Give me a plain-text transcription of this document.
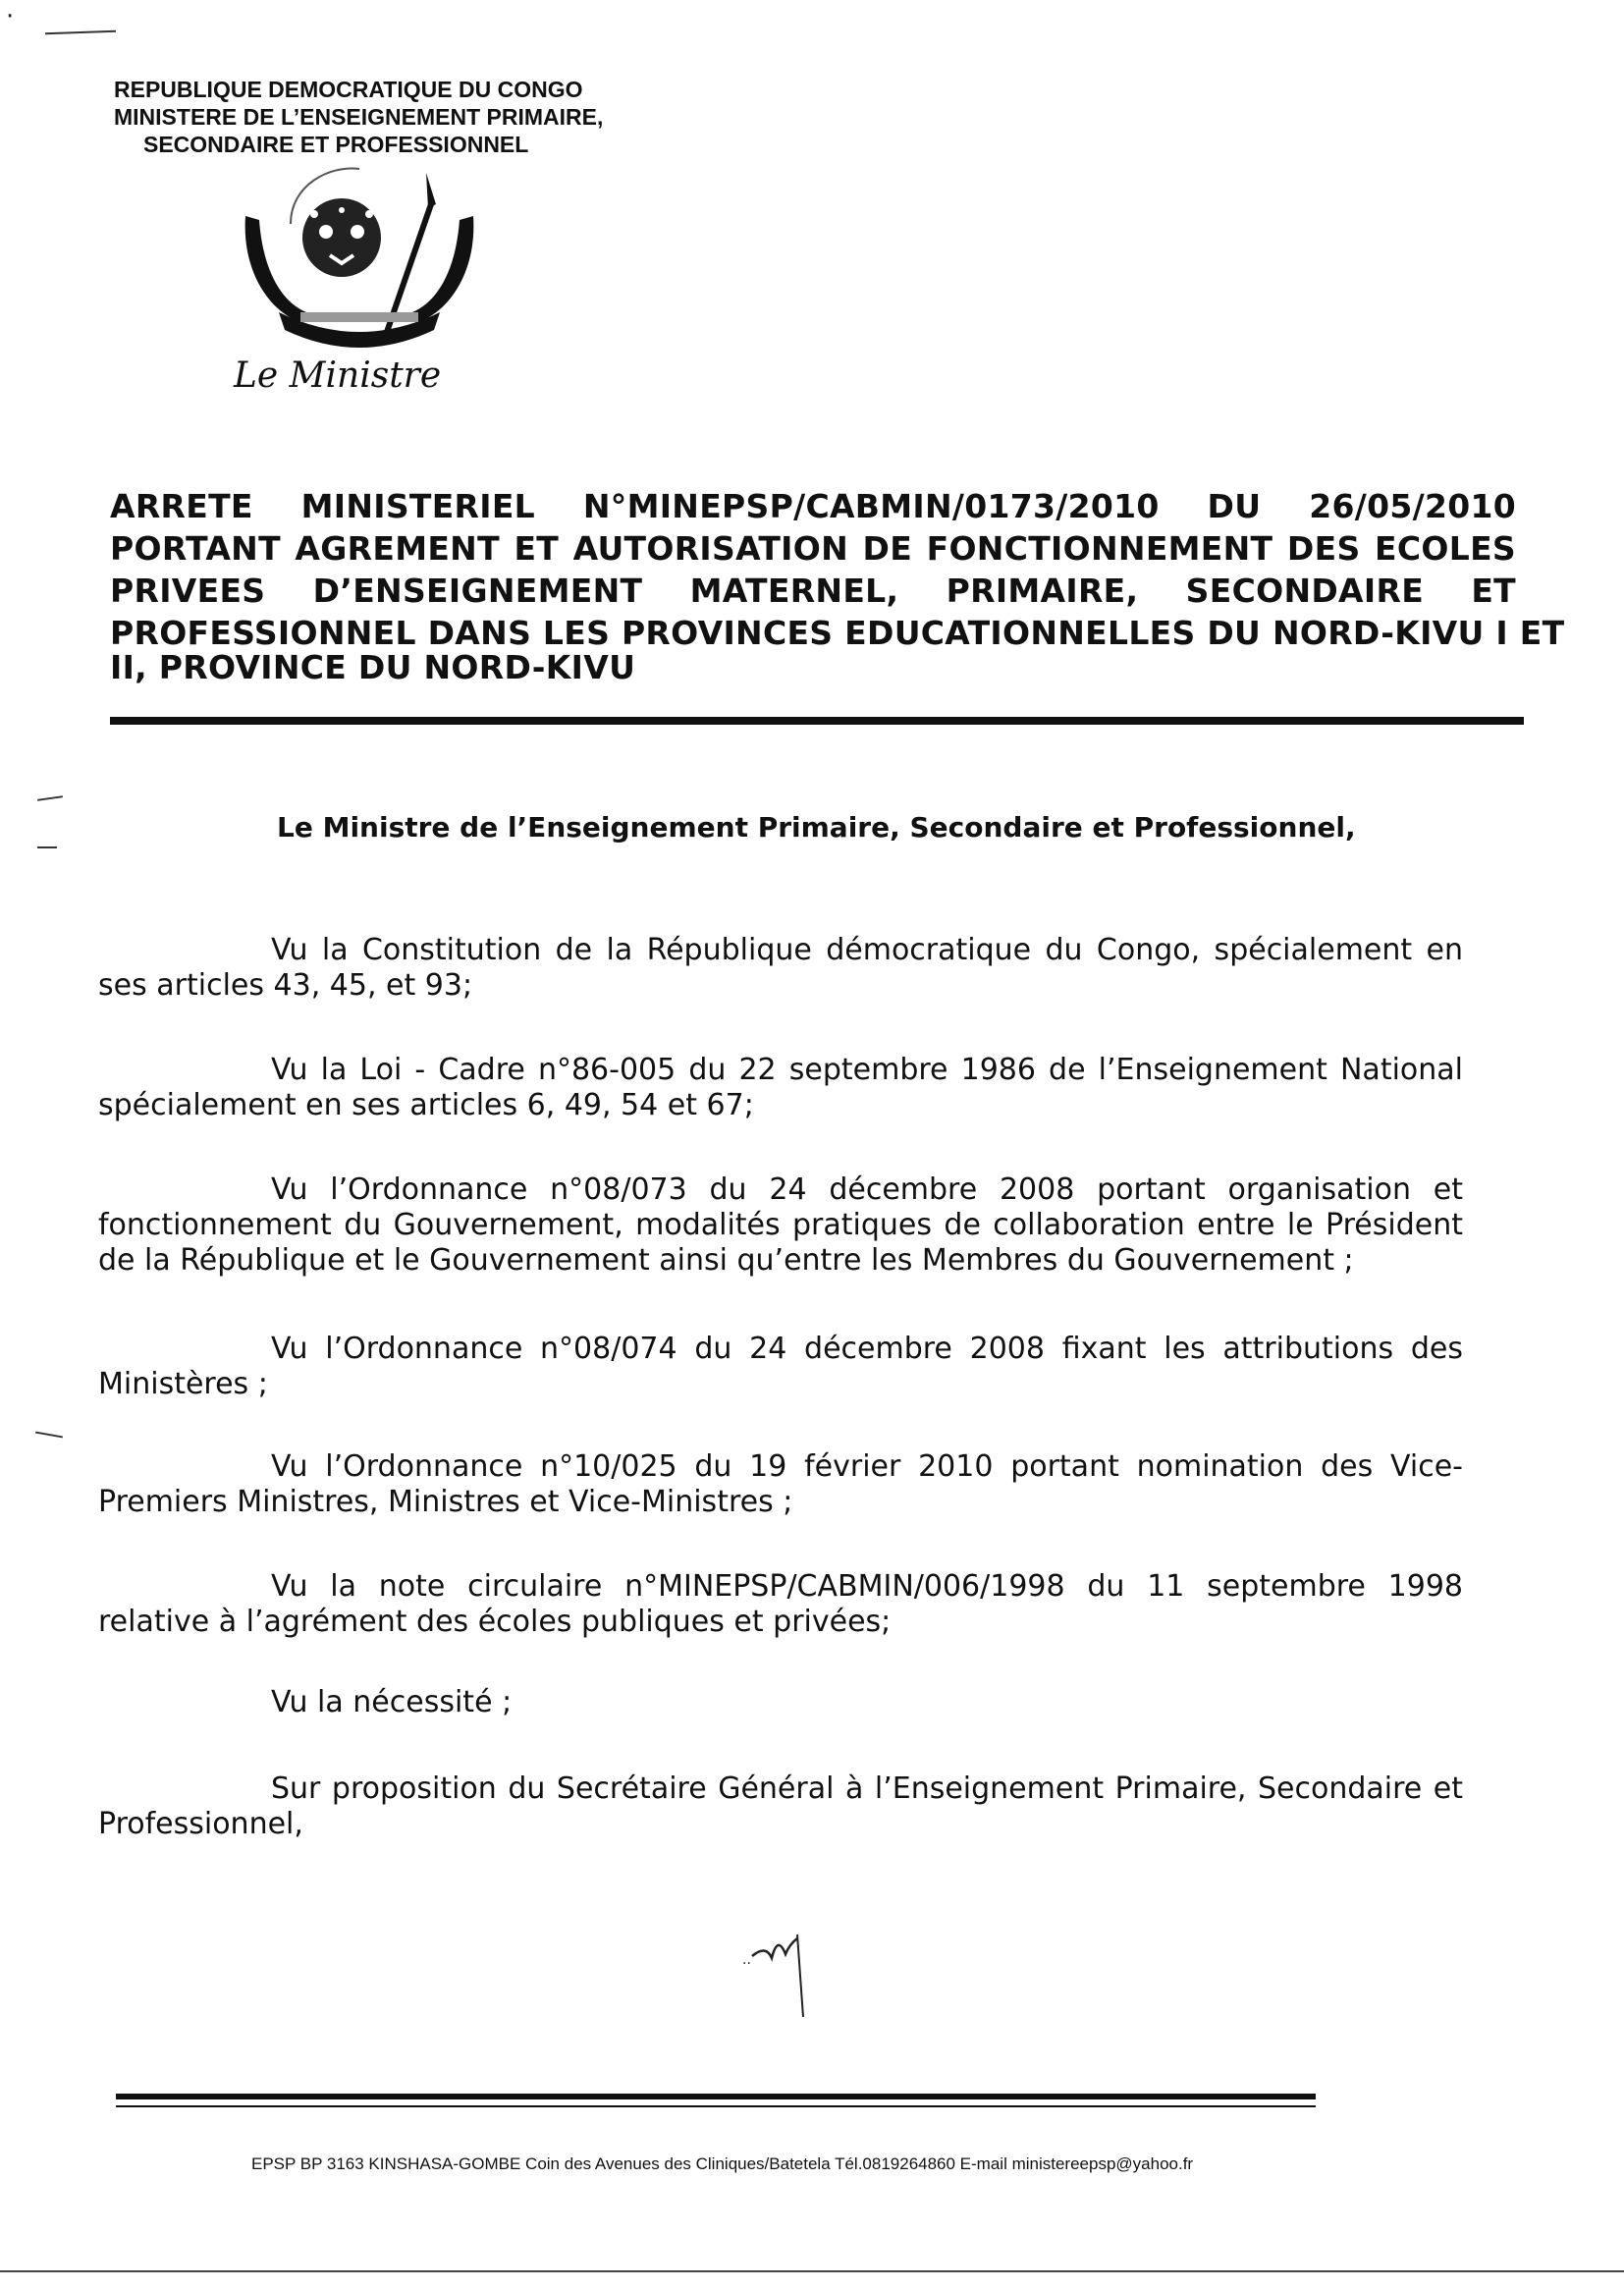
·
REPUBLIQUE DEMOCRATIQUE DU CONGO
MINISTERE DE L’ENSEIGNEMENT PRIMAIRE,
SECONDAIRE ET PROFESSIONNEL
Le Ministre
ARRETE MINISTERIEL N°MINEPSP/CABMIN/0173/2010 DU 26/05/2010
PORTANT AGREMENT ET AUTORISATION DE FONCTIONNEMENT DES ECOLES
PRIVEES D’ENSEIGNEMENT MATERNEL, PRIMAIRE, SECONDAIRE ET
PROFESSIONNEL DANS LES PROVINCES EDUCATIONNELLES DU NORD-KIVU I ET
II, PROVINCE DU NORD-KIVU
Le Ministre de l’Enseignement Primaire, Secondaire et Professionnel,
Vu la Constitution de la République démocratique du Congo, spécialement en ses articles 43, 45, et 93;
Vu la Loi - Cadre n°86-005 du 22 septembre 1986 de l’Enseignement National spécialement en ses articles 6, 49, 54 et 67;
Vu l’Ordonnance n°08/073 du 24 décembre 2008 portant organisation et fonctionnement du Gouvernement, modalités pratiques de collaboration entre le Président de la République et le Gouvernement ainsi qu’entre les Membres du Gouvernement ;
Vu l’Ordonnance n°08/074 du 24 décembre 2008 fixant les attributions des Ministères ;
Vu l’Ordonnance n°10/025 du 19 février 2010 portant nomination des Vice-Premiers Ministres, Ministres et Vice-Ministres ;
Vu la note circulaire n°MINEPSP/CABMIN/006/1998 du 11 septembre 1998 relative à l’agrément des écoles publiques et privées;
Vu la nécessité ;
Sur proposition du Secrétaire Général à l’Enseignement Primaire, Secondaire et Professionnel,
..
EPSP BP 3163 KINSHASA-GOMBE Coin des Avenues des Cliniques/Batetela Tél.0819264860 E-mail ministereepsp@yahoo.fr
